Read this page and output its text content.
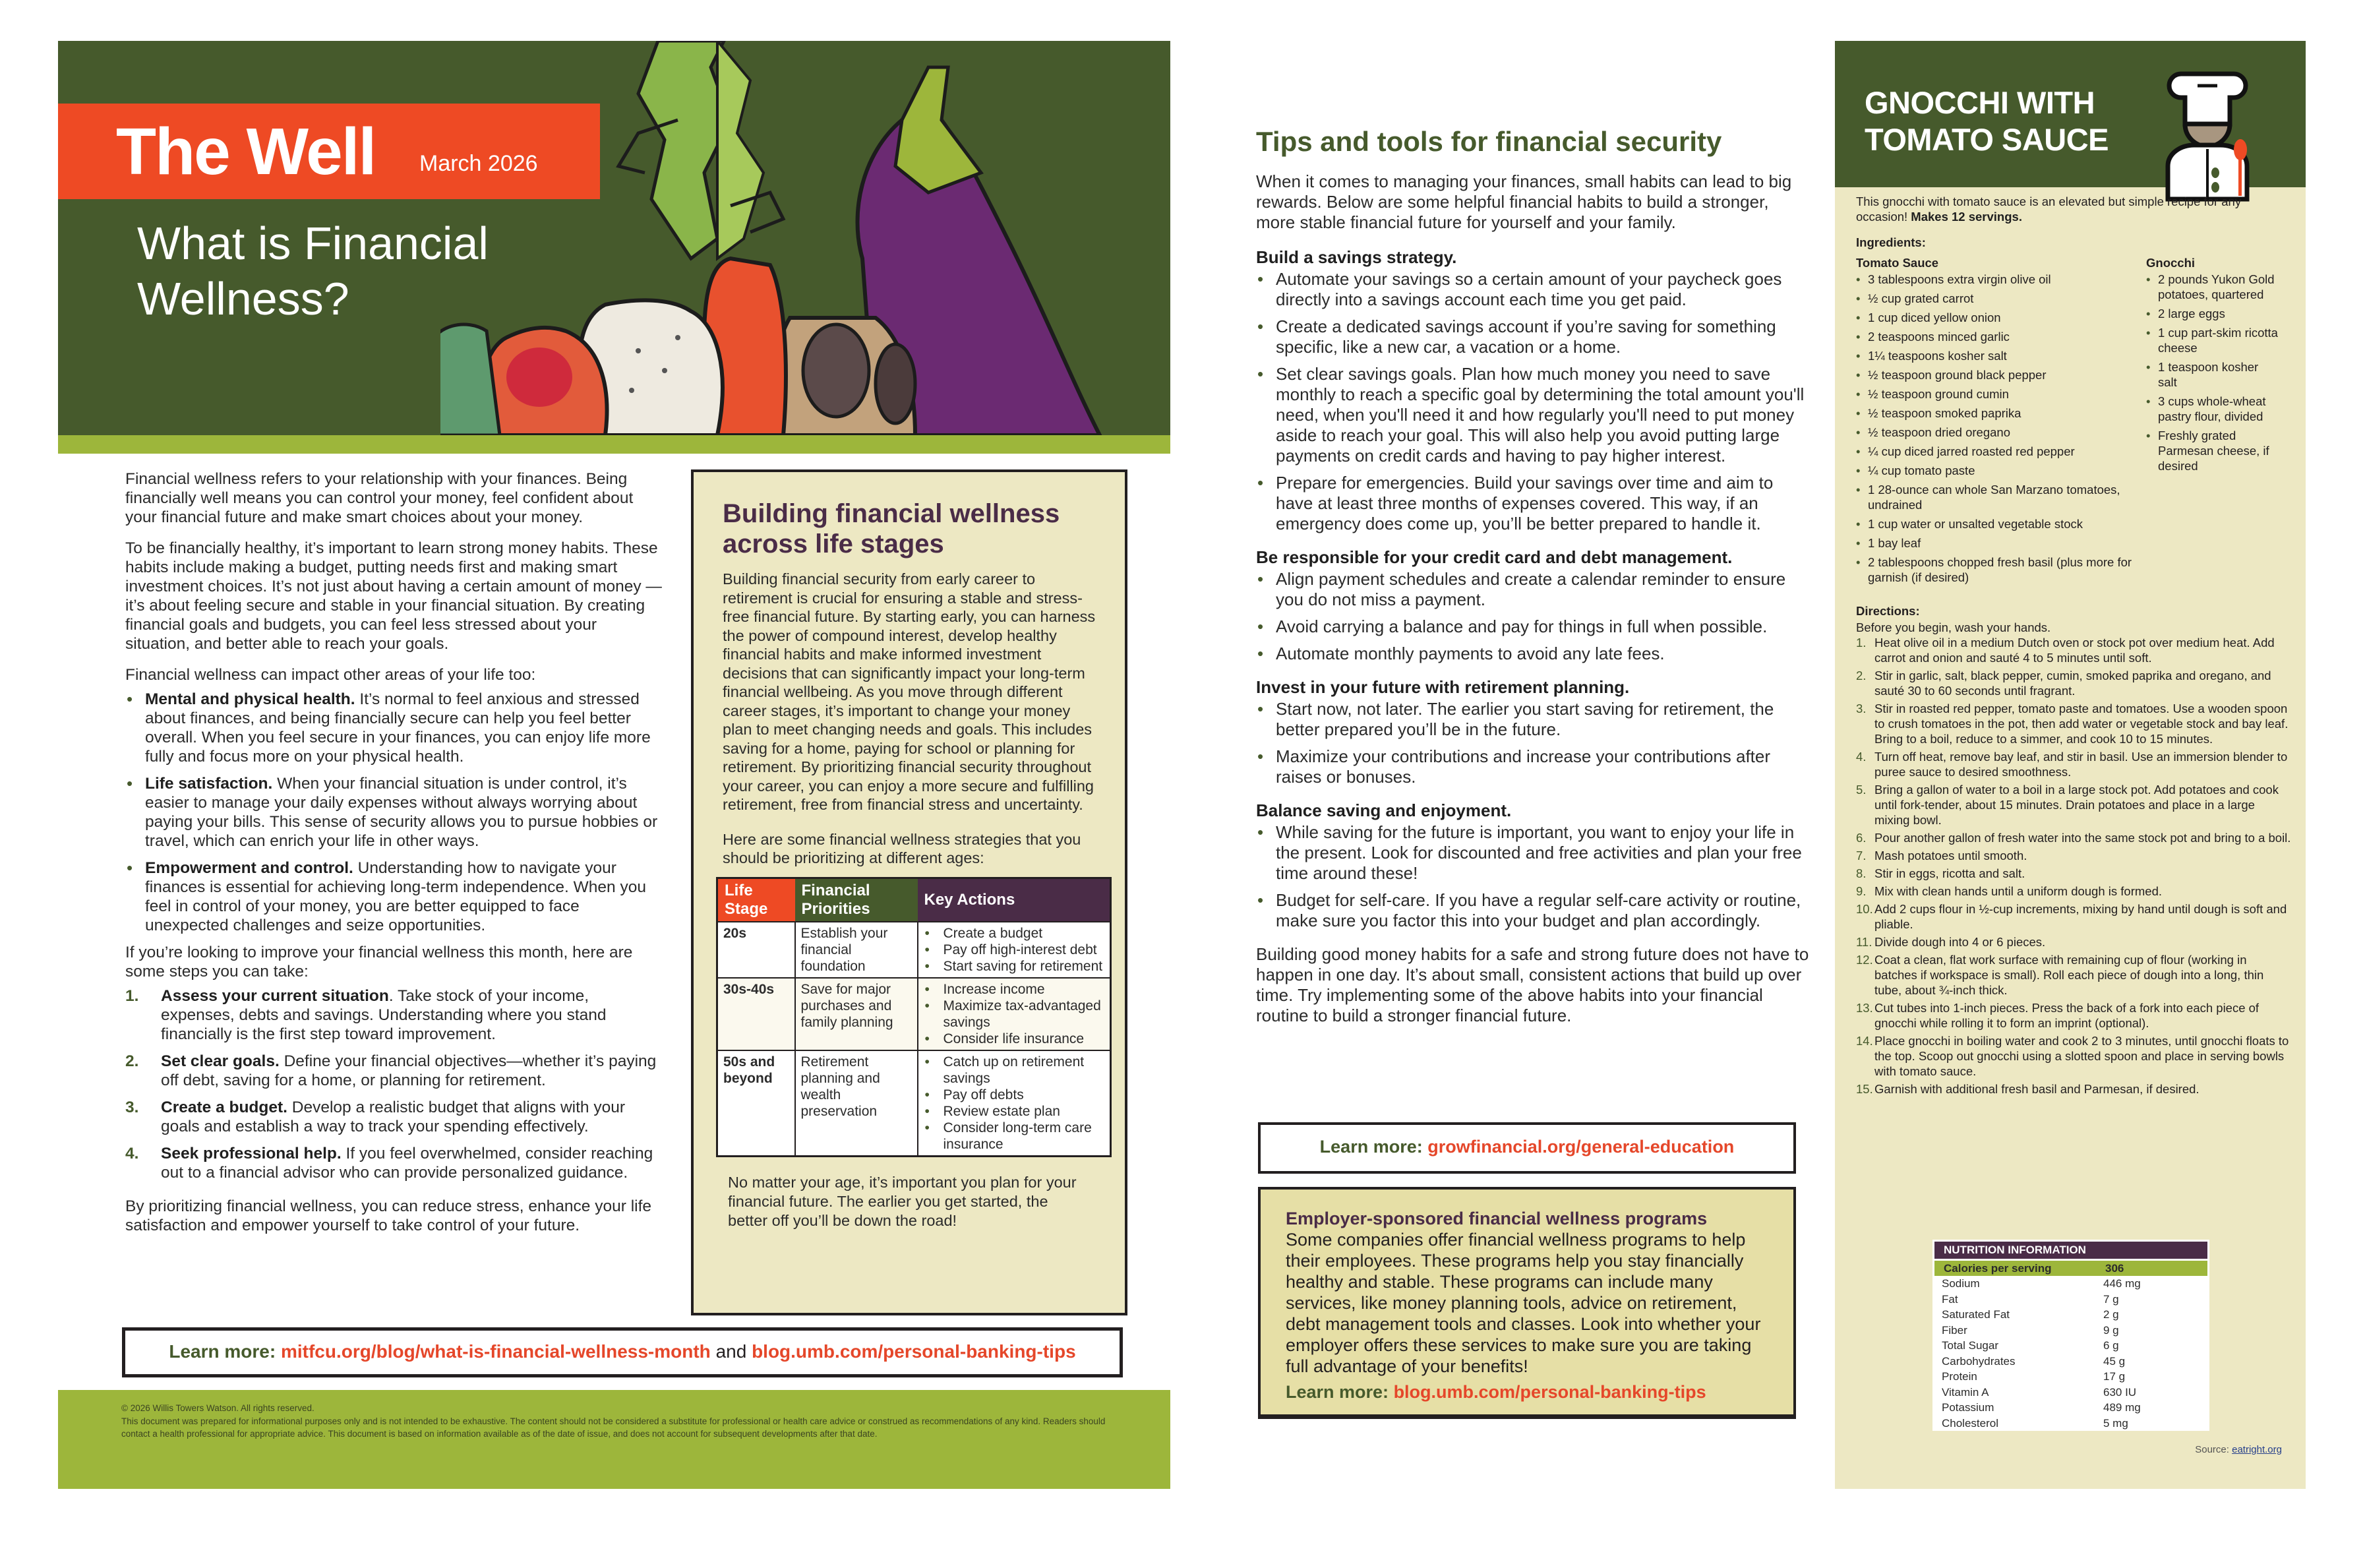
The Well March 2026
What is Financial
Wellness?

Financial wellness refers to your relationship with your finances. Being financially well means you can control your money, feel confident about your financial future and make smart choices about your money.

To be financially healthy, it’s important to learn strong money habits. These habits include making a budget, putting needs first and making smart investment choices. It’s not just about having a certain amount of money — it’s about feeling secure and stable in your financial situation. By creating financial goals and budgets, you can feel less stressed about your situation, and better able to reach your goals.

Financial wellness can impact other areas of your life too:

• Mental and physical health. It’s normal to feel anxious and stressed about finances, and being financially secure can help you feel better overall. When you feel secure in your finances, you can enjoy life more fully and focus more on your physical health.
• Life satisfaction. When your financial situation is under control, it’s easier to manage your daily expenses without always worrying about paying your bills. This sense of security allows you to pursue hobbies or travel, which can enrich your life in other ways.
• Empowerment and control. Understanding how to navigate your finances is essential for achieving long-term independence. When you feel in control of your money, you are better equipped to face unexpected challenges and seize opportunities.

If you’re looking to improve your financial wellness this month, here are some steps you can take:

1. Assess your current situation. Take stock of your income, expenses, debts and savings. Understanding where you stand financially is the first step toward improvement.
2. Set clear goals. Define your financial objectives—whether it’s paying off debt, saving for a home, or planning for retirement.
3. Create a budget. Develop a realistic budget that aligns with your goals and establish a way to track your spending effectively.
4. Seek professional help. If you feel overwhelmed, consider reaching out to a financial advisor who can provide personalized guidance.

By prioritizing financial wellness, you can reduce stress, enhance your life satisfaction and empower yourself to take control of your future.

Building financial wellness across life stages

Building financial security from early career to retirement is crucial for ensuring a stable and stress-free financial future. By starting early, you can harness the power of compound interest, develop healthy financial habits and make informed investment decisions that can significantly impact your long-term financial wellbeing. As you move through different career stages, it’s important to change your money plan to meet changing needs and goals. This includes saving for a home, paying for school or planning for retirement. By prioritizing financial security throughout your career, you can enjoy a more secure and fulfilling retirement, free from financial stress and uncertainty.

Here are some financial wellness strategies that you should be prioritizing at different ages:

Life Stage	Financial Priorities	Key Actions
20s	Establish your financial foundation	
• Create a budget
• Pay off high-interest debt
• Start saving for retirement

30s-40s	Save for major purchases and family planning	
• Increase income
• Maximize tax-advantaged savings
• Consider life insurance

50s and beyond	Retirement planning and wealth preservation	
• Catch up on retirement savings
• Pay off debts
• Review estate plan
• Consider long-term care insurance

No matter your age, it’s important you plan for your financial future. The earlier you get started, the better off you’ll be down the road!

Learn more: mitfcu.org/blog/what-is-financial-wellness-month and blog.umb.com/personal-banking-tips
© 2026 Willis Towers Watson. All rights reserved.
This document was prepared for informational purposes only and is not intended to be exhaustive. The content should not be considered a substitute for professional or health care advice or construed as recommendations of any kind. Readers should contact a health professional for appropriate advice. This document is based on information available as of the date of issue, and does not account for subsequent developments after that date.
Tips and tools for financial security

When it comes to managing your finances, small habits can lead to big rewards. Below are some helpful financial habits to build a stronger, more stable financial future for yourself and your family.

Build a savings strategy.
• Automate your savings so a certain amount of your paycheck goes directly into a savings account each time you get paid.
• Create a dedicated savings account if you’re saving for something specific, like a new car, a vacation or a home.
• Set clear savings goals. Plan how much money you need to save monthly to reach a specific goal by determining the total amount you'll need, when you'll need it and how regularly you'll need to put money aside to reach your goal. This will also help you avoid putting large payments on credit cards and having to pay higher interest.
• Prepare for emergencies. Build your savings over time and aim to have at least three months of expenses covered. This way, if an emergency does come up, you’ll be better prepared to handle it.
Be responsible for your credit card and debt management.
• Align payment schedules and create a calendar reminder to ensure you do not miss a payment.
• Avoid carrying a balance and pay for things in full when possible.
• Automate monthly payments to avoid any late fees.
Invest in your future with retirement planning.
• Start now, not later. The earlier you start saving for retirement, the better prepared you’ll be in the future.
• Maximize your contributions and increase your contributions after raises or bonuses.
Balance saving and enjoyment.
• While saving for the future is important, you want to enjoy your life in the present. Look for discounted and free activities and plan your free time around these!
• Budget for self-care. If you have a regular self-care activity or routine, make sure you factor this into your budget and plan accordingly.

Building good money habits for a safe and strong future does not have to happen in one day. It’s about small, consistent actions that build up over time. Try implementing some of the above habits into your financial routine to build a stronger financial future.

Learn more: growfinancial.org/general-education
Employer-sponsored financial wellness programs

Some companies offer financial wellness programs to help their employees. These programs help you stay financially healthy and stable. These programs can include many services, like money planning tools, advice on retirement, debt management tools and classes. Look into whether your employer offers these services to make sure you are taking full advantage of your benefits!

Learn more: blog.umb.com/personal-banking-tips
GNOCCHI WITH
TOMATO SAUCE

This gnocchi with tomato sauce is an elevated but simple recipe for any occasion! Makes 12 servings.

Ingredients:
Tomato Sauce
• 3 tablespoons extra virgin olive oil
• ½ cup grated carrot
• 1 cup diced yellow onion
• 2 teaspoons minced garlic
• 1¼ teaspoons kosher salt
• ½ teaspoon ground black pepper
• ½ teaspoon ground cumin
• ½ teaspoon smoked paprika
• ½ teaspoon dried oregano
• ¼ cup diced jarred roasted red pepper
• ¼ cup tomato paste
• 1 28-ounce can whole San Marzano tomatoes, undrained
• 1 cup water or unsalted vegetable stock
• 1 bay leaf
• 2 tablespoons chopped fresh basil (plus more for garnish (if desired)
Gnocchi
• 2 pounds Yukon Gold potatoes, quartered
• 2 large eggs
• 1 cup part-skim ricotta cheese
• 1 teaspoon kosher salt
• 3 cups whole-wheat pastry flour, divided
• Freshly grated Parmesan cheese, if desired
Directions:
Before you begin, wash your hands.
1. Heat olive oil in a medium Dutch oven or stock pot over medium heat. Add carrot and onion and sauté 4 to 5 minutes until soft.
2. Stir in garlic, salt, black pepper, cumin, smoked paprika and oregano, and sauté 30 to 60 seconds until fragrant.
3. Stir in roasted red pepper, tomato paste and tomatoes. Use a wooden spoon to crush tomatoes in the pot, then add water or vegetable stock and bay leaf. Bring to a boil, reduce to a simmer, and cook 10 to 15 minutes.
4. Turn off heat, remove bay leaf, and stir in basil. Use an immersion blender to puree sauce to desired smoothness.
5. Bring a gallon of water to a boil in a large stock pot. Add potatoes and cook until fork-tender, about 15 minutes. Drain potatoes and place in a large mixing bowl.
6. Pour another gallon of fresh water into the same stock pot and bring to a boil.
7. Mash potatoes until smooth.
8. Stir in eggs, ricotta and salt.
9. Mix with clean hands until a uniform dough is formed.
10. Add 2 cups flour in ½-cup increments, mixing by hand until dough is soft and pliable.
11. Divide dough into 4 or 6 pieces.
12. Coat a clean, flat work surface with remaining cup of flour (working in batches if workspace is small). Roll each piece of dough into a long, thin tube, about ¾-inch thick.
13. Cut tubes into 1-inch pieces. Press the back of a fork into each piece of gnocchi while rolling it to form an imprint (optional).
14. Place gnocchi in boiling water and cook 2 to 3 minutes, until gnocchi floats to the top. Scoop out gnocchi using a slotted spoon and place in serving bowls with tomato sauce.
15. Garnish with additional fresh basil and Parmesan, if desired.
NUTRITION INFORMATION
Calories per serving	306
Sodium	446 mg
Fat	7 g
Saturated Fat	2 g
Fiber	9 g
Total Sugar	6 g
Carbohydrates	45 g
Protein	17 g
Vitamin A	630 IU
Potassium	489 mg
Cholesterol	5 mg
Source: eatright.org
